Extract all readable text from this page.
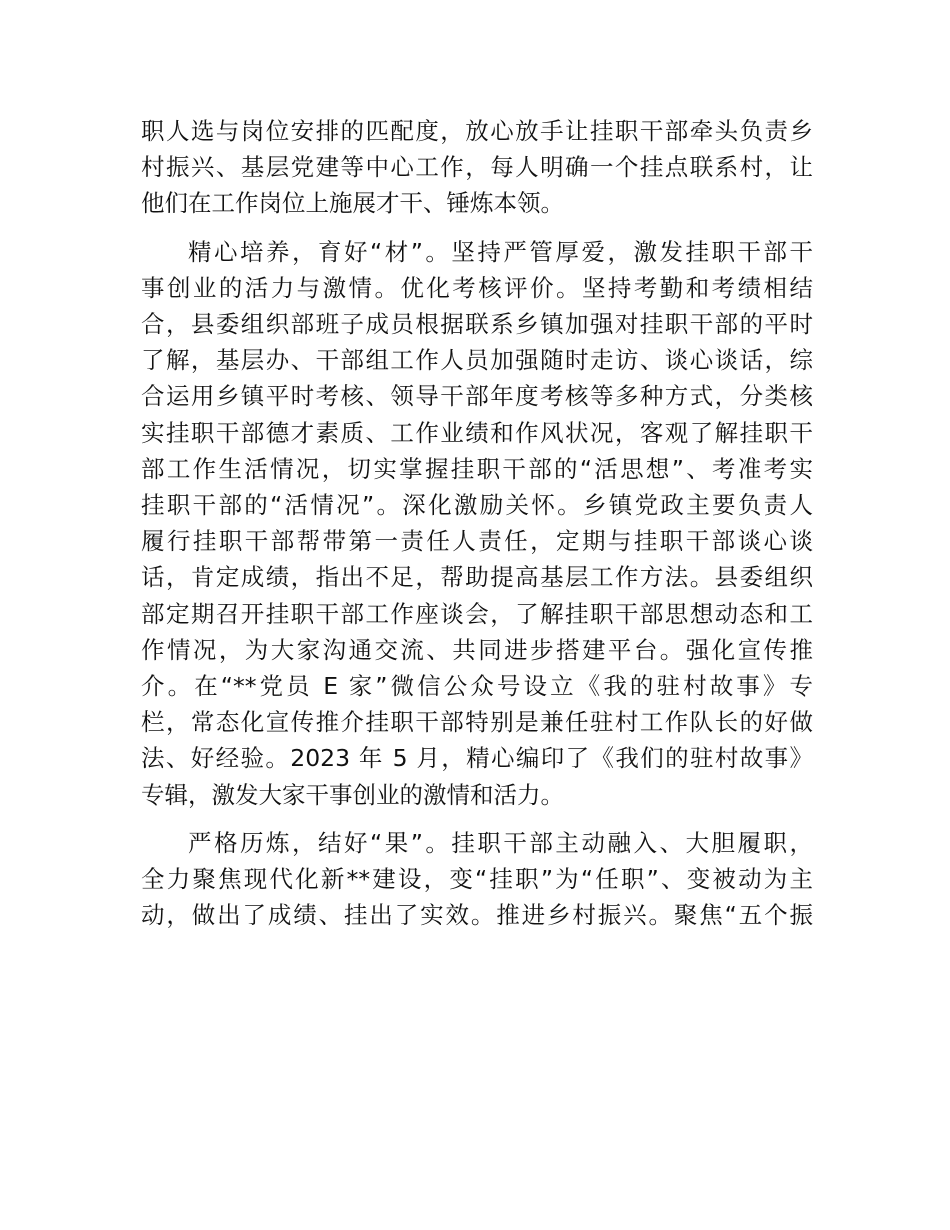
职人选与岗位安排的匹配度，放心放手让挂职干部牵头负责乡
村振兴、基层党建等中心工作，每人明确一个挂点联系村，让
他们在工作岗位上施展才干、锤炼本领。
精心培养，育好“材”。坚持严管厚爱，激发挂职干部干
事创业的活力与激情。优化考核评价。坚持考勤和考绩相结
合，县委组织部班子成员根据联系乡镇加强对挂职干部的平时
了解，基层办、干部组工作人员加强随时走访、谈心谈话，综
合运用乡镇平时考核、领导干部年度考核等多种方式，分类核
实挂职干部德才素质、工作业绩和作风状况，客观了解挂职干
部工作生活情况，切实掌握挂职干部的“活思想”、考准考实
挂职干部的“活情况”。深化激励关怀。乡镇党政主要负责人
履行挂职干部帮带第一责任人责任，定期与挂职干部谈心谈
话，肯定成绩，指出不足，帮助提高基层工作方法。县委组织
部定期召开挂职干部工作座谈会，了解挂职干部思想动态和工
作情况，为大家沟通交流、共同进步搭建平台。强化宣传推
介。在“**党员 E 家”微信公众号设立《我的驻村故事》专
栏，常态化宣传推介挂职干部特别是兼任驻村工作队长的好做
法、好经验。2023 年 5 月，精心编印了《我们的驻村故事》
专辑，激发大家干事创业的激情和活力。
严格历炼，结好“果”。挂职干部主动融入、大胆履职，
全力聚焦现代化新**建设，变“挂职”为“任职”、变被动为主
动，做出了成绩、挂出了实效。推进乡村振兴。聚焦“五个振
